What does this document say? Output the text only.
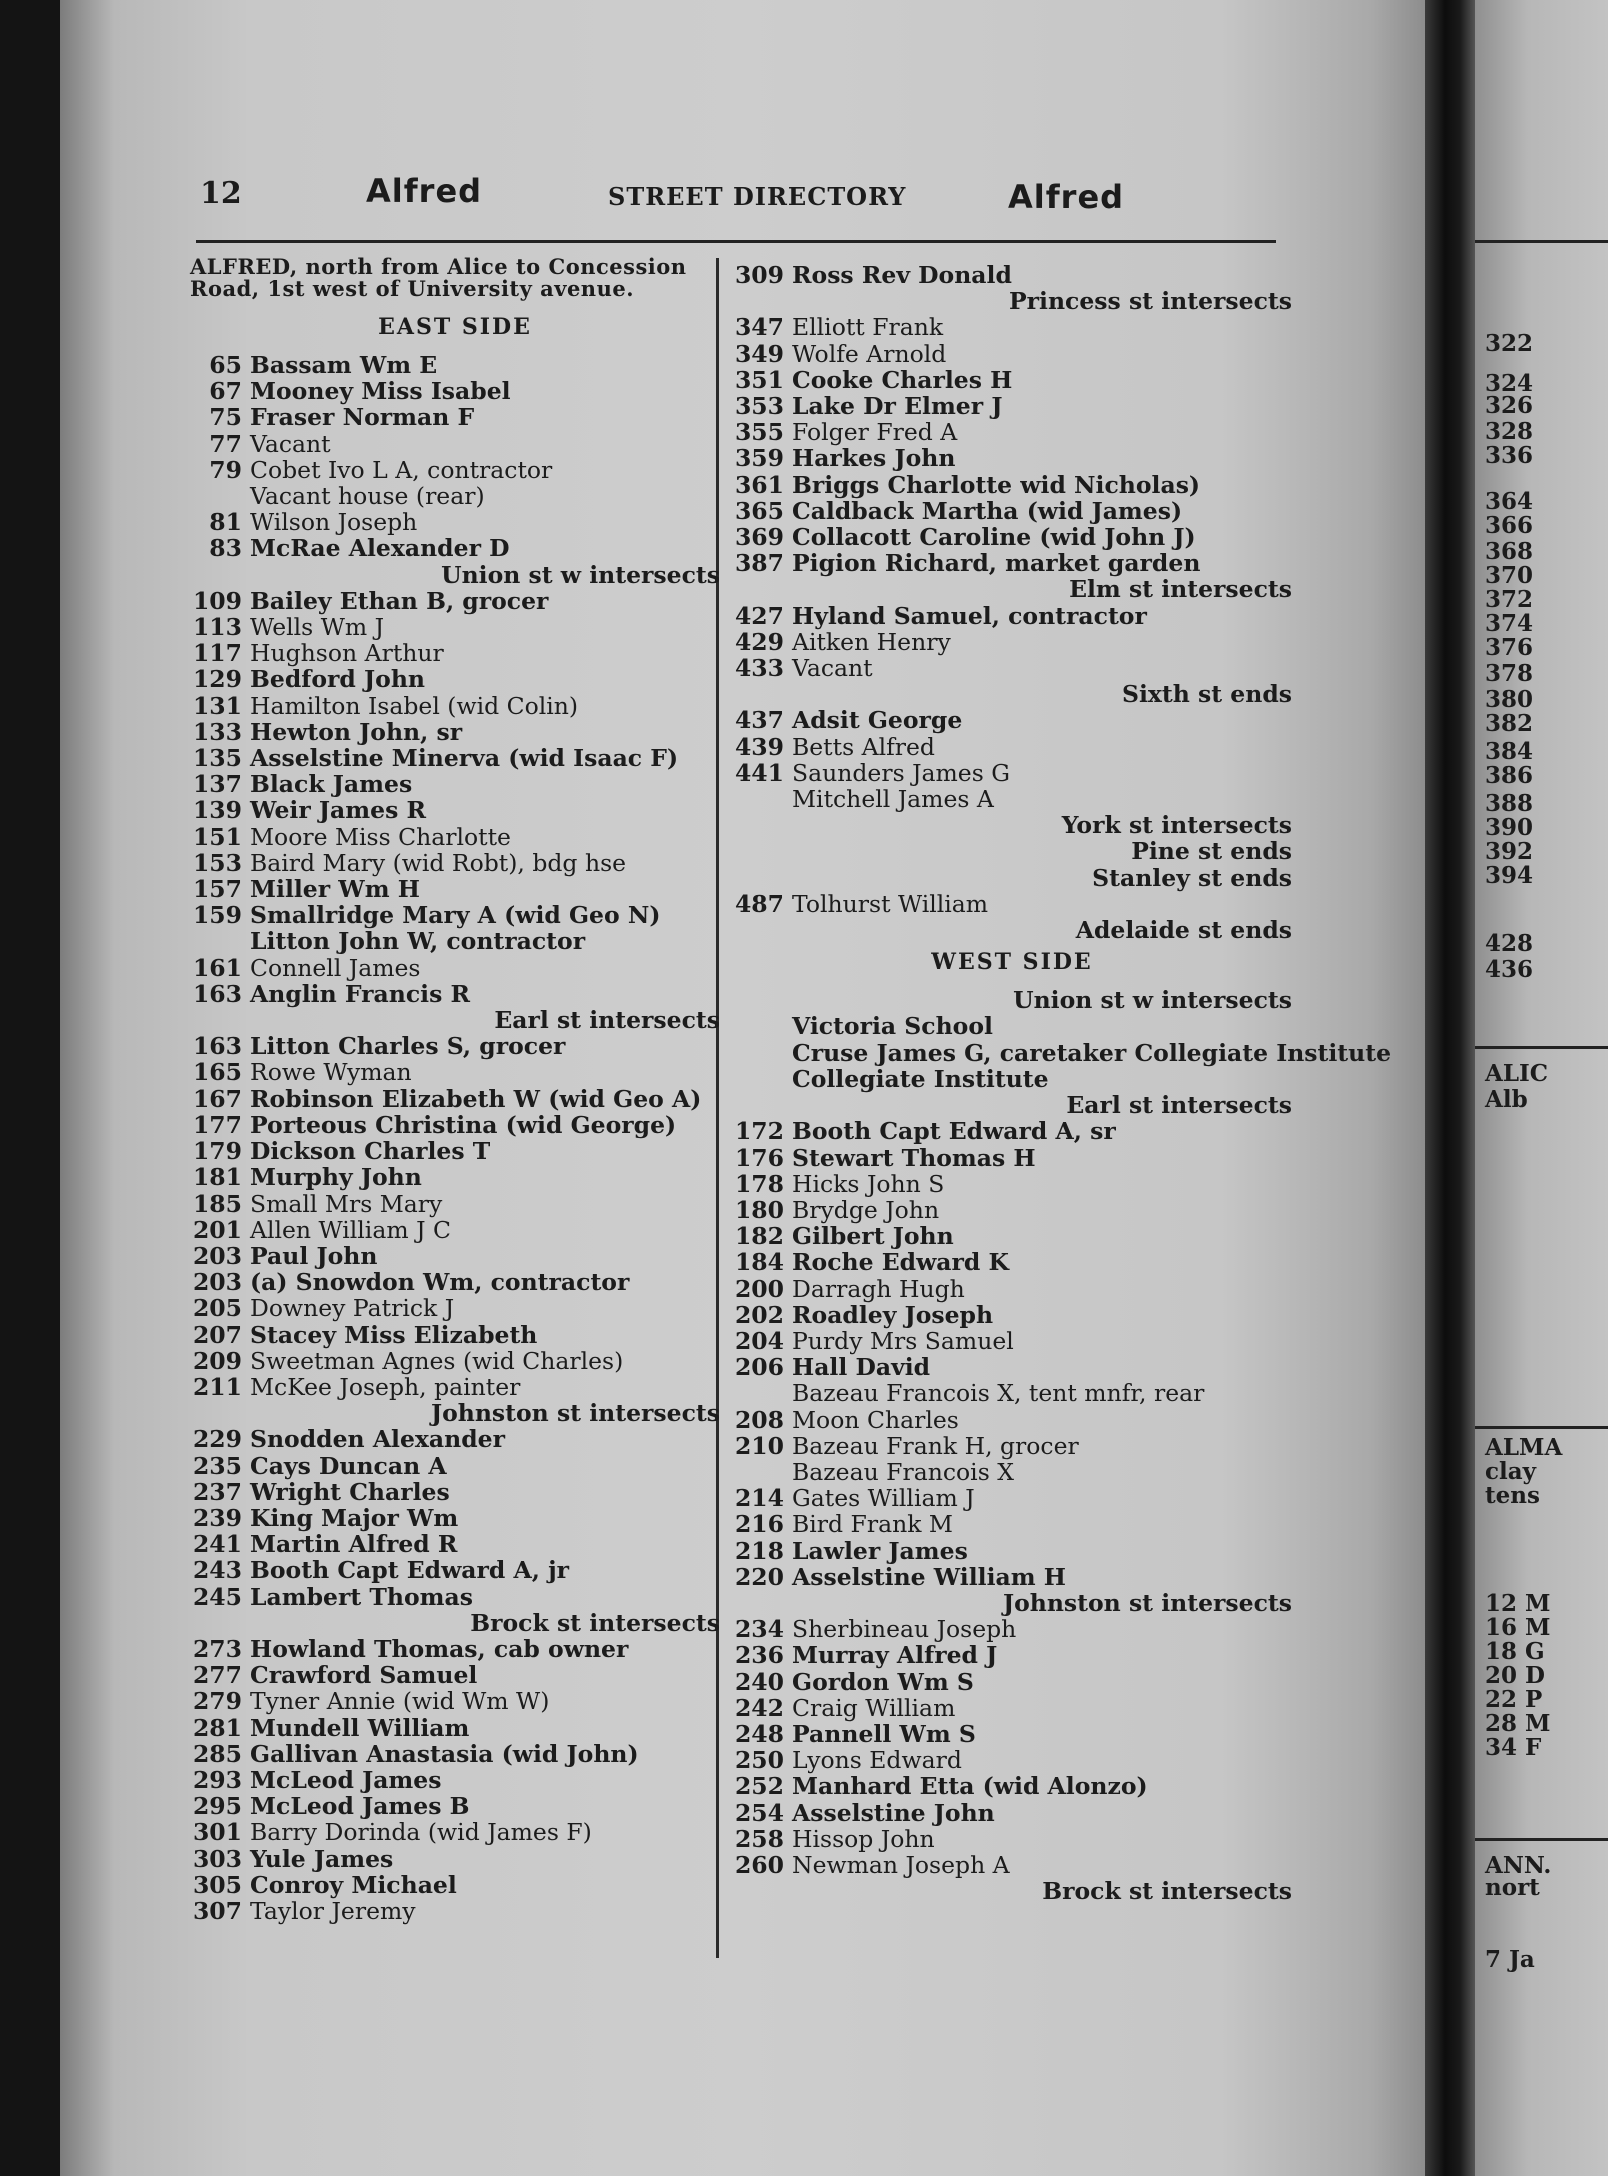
322
324
326
328
336
364
366
368
370
372
374
376
378
380
382
384
386
388
390
392
394
428
436
ALIC
Alb
ALMA
clay
tens
12 M
16 M
18 G
20 D
22 P
28 M
34 F
ANN.
nort
7 Ja
12	Alfred	STREET DIRECTORY	Alfred
ALFRED, north from Alice to Concession Road, 1st west of University avenue.
EAST SIDE
65 Bassam Wm E
67 Mooney Miss Isabel
75 Fraser Norman F
77 Vacant
79 Cobet Ivo L A, contractor
Vacant house (rear)
81 Wilson Joseph
83 McRae Alexander D
Union st w intersects
109 Bailey Ethan B, grocer
113 Wells Wm J
117 Hughson Arthur
129 Bedford John
131 Hamilton Isabel (wid Colin)
133 Hewton John, sr
135 Asselstine Minerva (wid Isaac F)
137 Black James
139 Weir James R
151 Moore Miss Charlotte
153 Baird Mary (wid Robt), bdg hse
157 Miller Wm H
159 Smallridge Mary A (wid Geo N)
Litton John W, contractor
161 Connell James
163 Anglin Francis R
Earl st intersects
163 Litton Charles S, grocer
165 Rowe Wyman
167 Robinson Elizabeth W (wid Geo A)
177 Porteous Christina (wid George)
179 Dickson Charles T
181 Murphy John
185 Small Mrs Mary
201 Allen William J C
203 Paul John
203 (a) Snowdon Wm, contractor
205 Downey Patrick J
207 Stacey Miss Elizabeth
209 Sweetman Agnes (wid Charles)
211 McKee Joseph, painter
Johnston st intersects
229 Snodden Alexander
235 Cays Duncan A
237 Wright Charles
239 King Major Wm
241 Martin Alfred R
243 Booth Capt Edward A, jr
245 Lambert Thomas
Brock st intersects
273 Howland Thomas, cab owner
277 Crawford Samuel
279 Tyner Annie (wid Wm W)
281 Mundell William
285 Gallivan Anastasia (wid John)
293 McLeod James
295 McLeod James B
301 Barry Dorinda (wid James F)
303 Yule James
305 Conroy Michael
307 Taylor Jeremy
309 Ross Rev Donald
Princess st intersects
347 Elliott Frank
349 Wolfe Arnold
351 Cooke Charles H
353 Lake Dr Elmer J
355 Folger Fred A
359 Harkes John
361 Briggs Charlotte wid Nicholas)
365 Caldback Martha (wid James)
369 Collacott Caroline (wid John J)
387 Pigion Richard, market garden
Elm st intersects
427 Hyland Samuel, contractor
429 Aitken Henry
433 Vacant
Sixth st ends
437 Adsit George
439 Betts Alfred
441 Saunders James G
Mitchell James A
York st intersects
Pine st ends
Stanley st ends
487 Tolhurst William
Adelaide st ends
WEST SIDE
Union st w intersects
Victoria School
Cruse James G, caretaker Collegiate Institute
Collegiate Institute
Earl st intersects
172 Booth Capt Edward A, sr
176 Stewart Thomas H
178 Hicks John S
180 Brydge John
182 Gilbert John
184 Roche Edward K
200 Darragh Hugh
202 Roadley Joseph
204 Purdy Mrs Samuel
206 Hall David
Bazeau Francois X, tent mnfr, rear
208 Moon Charles
210 Bazeau Frank H, grocer
Bazeau Francois X
214 Gates William J
216 Bird Frank M
218 Lawler James
220 Asselstine William H
Johnston st intersects
234 Sherbineau Joseph
236 Murray Alfred J
240 Gordon Wm S
242 Craig William
248 Pannell Wm S
250 Lyons Edward
252 Manhard Etta (wid Alonzo)
254 Asselstine John
258 Hissop John
260 Newman Joseph A
Brock st intersects
